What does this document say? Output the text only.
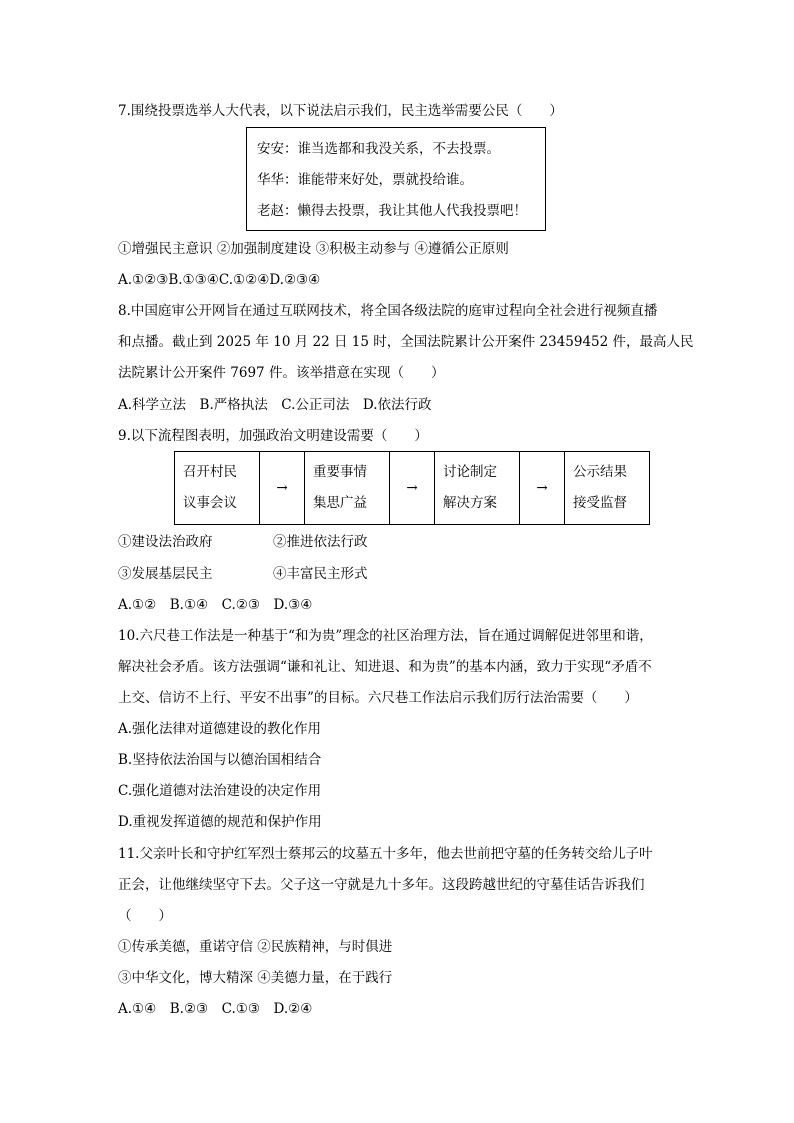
7.围绕投票选举人大代表，以下说法启示我们，民主选举需要公民（　　）
安安：谁当选都和我没关系，不去投票。
华华：谁能带来好处，票就投给谁。
老赵：懒得去投票，我让其他人代我投票吧！
①增强民主意识 ②加强制度建设 ③积极主动参与 ④遵循公正原则
A.①②③B.①③④C.①②④D.②③④
8.中国庭审公开网旨在通过互联网技术，将全国各级法院的庭审过程向全社会进行视频直播
和点播。截止到 2025 年 10 月 22 日 15 时，全国法院累计公开案件 23459452 件，最高人民
法院累计公开案件 7697 件。该举措意在实现（　　）
A.科学立法　B.严格执法　C.公正司法　D.依法行政
9.以下流程图表明，加强政治文明建设需要（　　）
召开村民
议事会议
	→	
重要事情
集思广益
	→	
讨论制定
解决方案
	→	
公示结果
接受监督
①建设法治政府	②推进依法行政
③发展基层民主	④丰富民主形式
A.①②　B.①④　C.②③　D.③④
10.六尺巷工作法是一种基于“和为贵”理念的社区治理方法，旨在通过调解促进邻里和谐，
解决社会矛盾。该方法强调“谦和礼让、知进退、和为贵”的基本内涵，致力于实现“矛盾不
上交、信访不上行、平安不出事”的目标。六尺巷工作法启示我们厉行法治需要（　　）
A.强化法律对道德建设的教化作用
B.坚持依法治国与以德治国相结合
C.强化道德对法治建设的决定作用
D.重视发挥道德的规范和保护作用
11.父亲叶长和守护红军烈士蔡邦云的坟墓五十多年，他去世前把守墓的任务转交给儿子叶
正会，让他继续坚守下去。父子这一守就是九十多年。这段跨越世纪的守墓佳话告诉我们
（　　）
①传承美德，重诺守信 ②民族精神，与时俱进
③中华文化，博大精深 ④美德力量，在于践行
A.①④　B.②③　C.①③　D.②④
